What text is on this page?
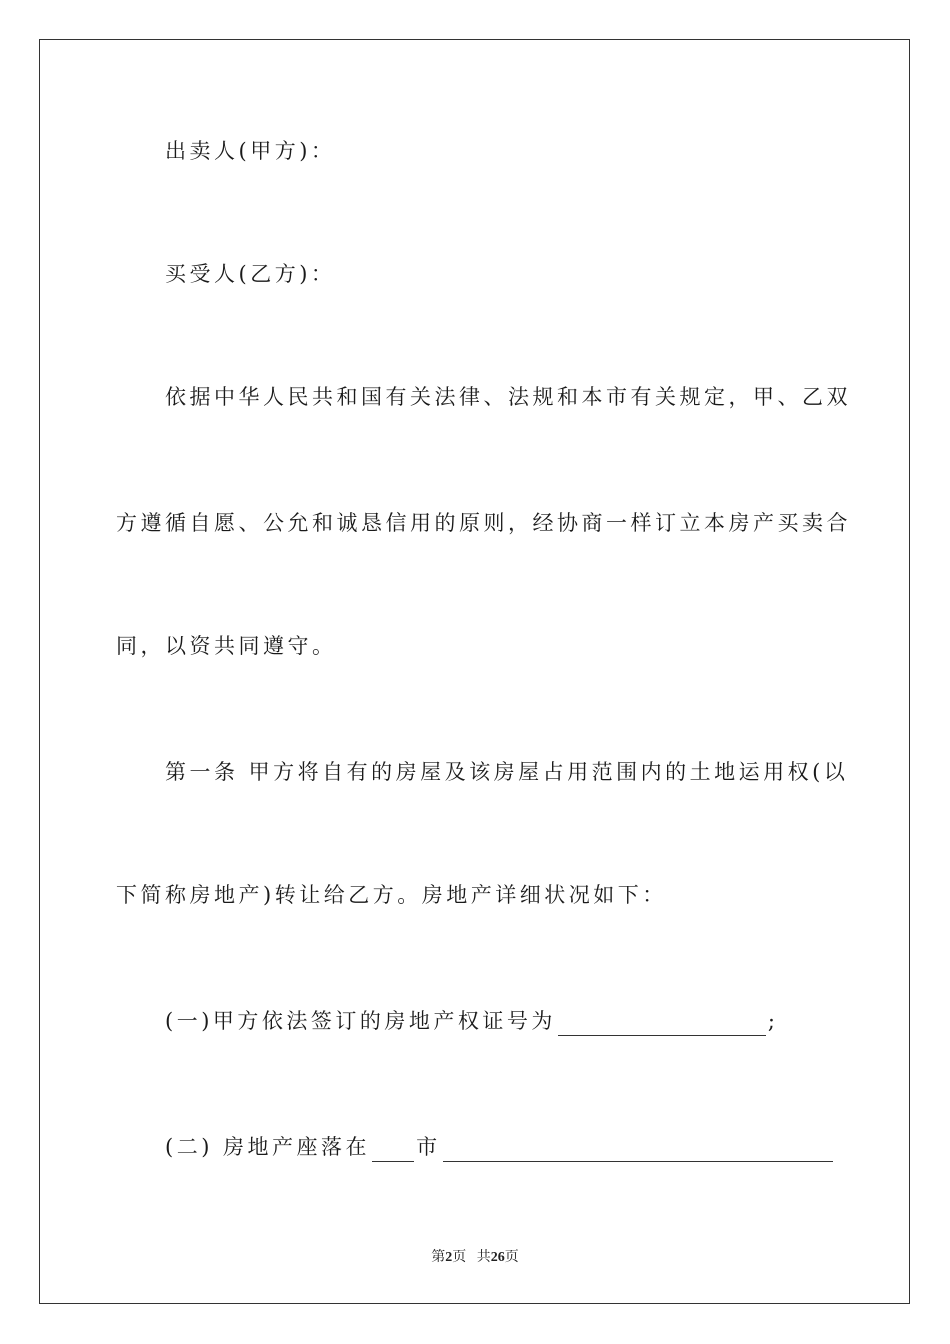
出卖人(甲方)：
买受人(乙方)：
依据中华人民共和国有关法律、法规和本市有关规定，甲、乙双
方遵循自愿、公允和诚恳信用的原则，经协商一样订立本房产买卖合
同，以资共同遵守。
第一条 甲方将自有的房屋及该房屋占用范围内的土地运用权(以
下简称房地产)转让给乙方。房地产详细状况如下：
(一)甲方依法签订的房地产权证号为	;
(二) 房地产座落在 市
第2页 共26页
